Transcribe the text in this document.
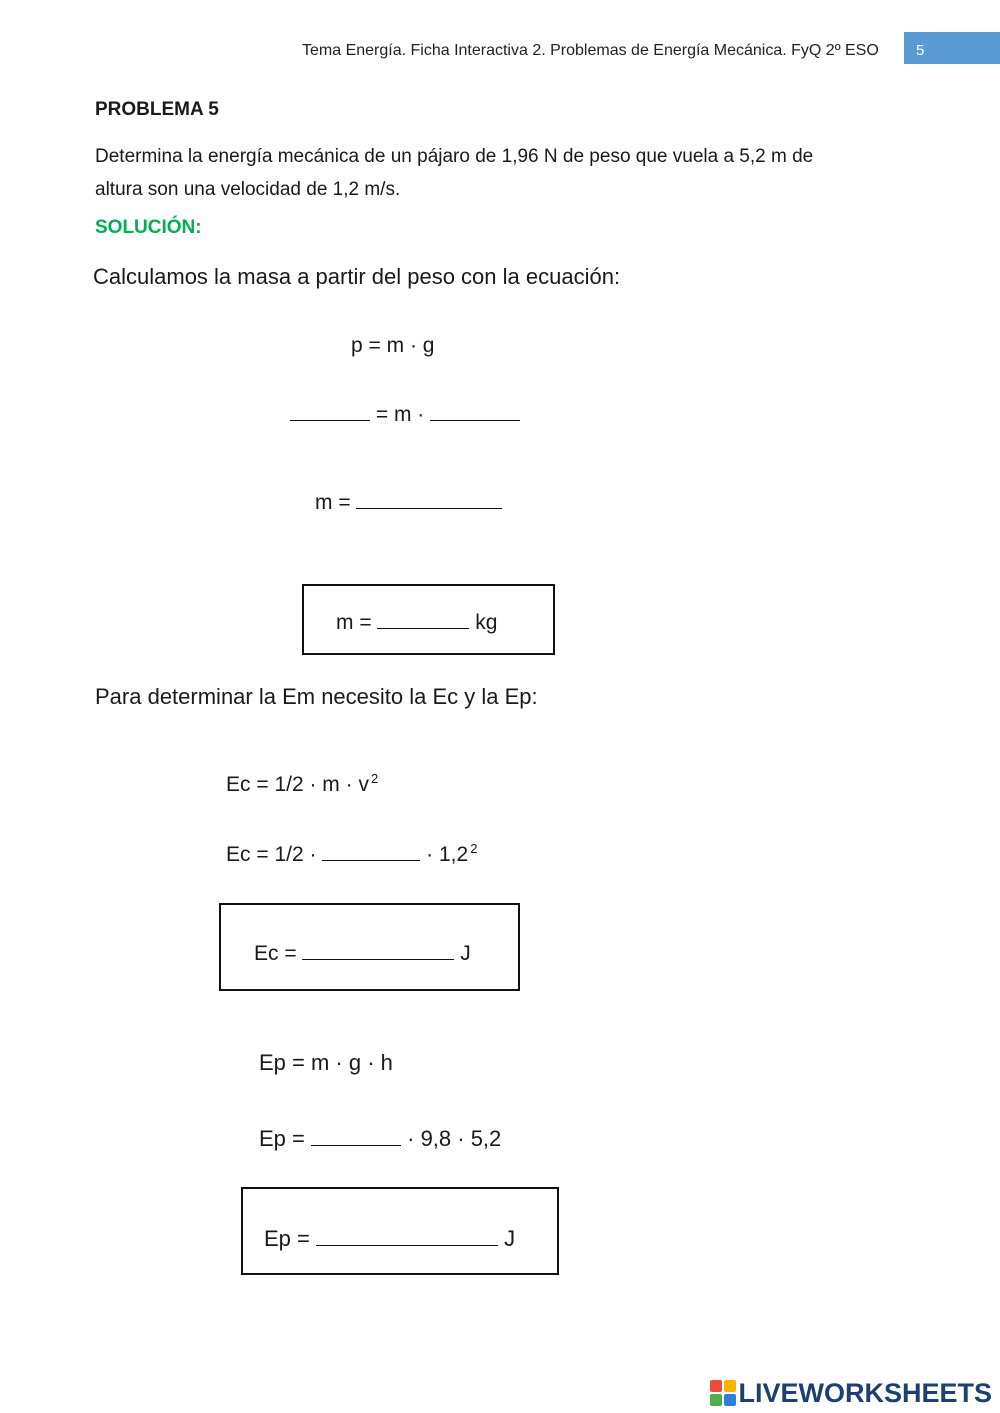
Tema Energía. Ficha Interactiva 2. Problemas de Energía Mecánica. FyQ 2º ESO 5
PROBLEMA 5
Determina la energía mecánica de un pájaro de 1,96 N de peso que vuela a 5,2 m de
altura son una velocidad de 1,2 m/s.
SOLUCIÓN:
Calculamos la masa a partir del peso con la ecuación:
p = m · g
= m ·
m =
m =	kg
Para determinar la Em necesito la Ec y la Ep:
Ec = 1/2 · m · v $^2$
Ec = 1/2 ·	· 1,2 $^2$
Ec =	J
Ep = m · g · h
Ep =	· 9,8 · 5,2
Ep =	J
LIVEWORKSHEETS
